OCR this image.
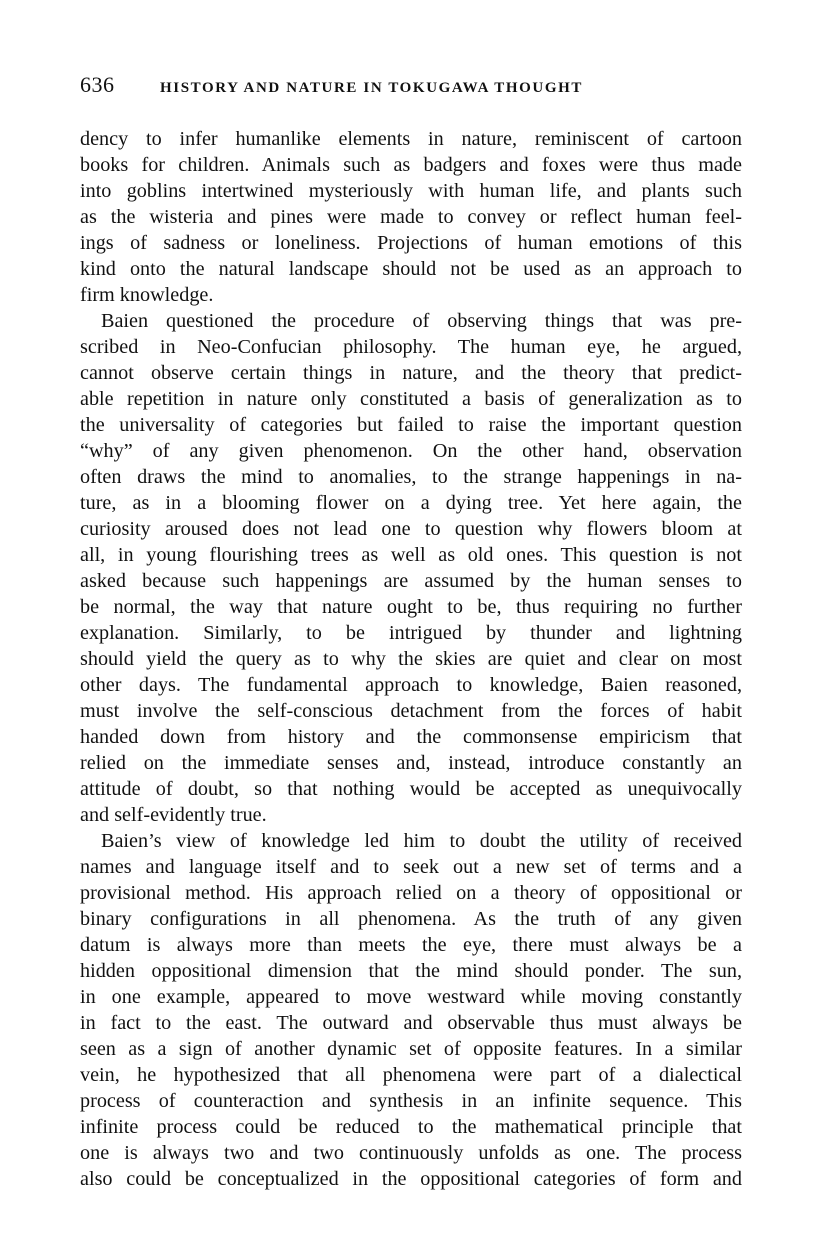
636	HISTORY AND NATURE IN TOKUGAWA THOUGHT
dency to infer humanlike elements in nature, reminiscent of cartoon
books for children. Animals such as badgers and foxes were thus made
into goblins intertwined mysteriously with human life, and plants such
as the wisteria and pines were made to convey or reflect human feel-
ings of sadness or loneliness. Projections of human emotions of this
kind onto the natural landscape should not be used as an approach to
firm knowledge.
Baien questioned the procedure of observing things that was pre-
scribed in Neo-Confucian philosophy. The human eye, he argued,
cannot observe certain things in nature, and the theory that predict-
able repetition in nature only constituted a basis of generalization as to
the universality of categories but failed to raise the important question
“why” of any given phenomenon. On the other hand, observation
often draws the mind to anomalies, to the strange happenings in na-
ture, as in a blooming flower on a dying tree. Yet here again, the
curiosity aroused does not lead one to question why flowers bloom at
all, in young flourishing trees as well as old ones. This question is not
asked because such happenings are assumed by the human senses to
be normal, the way that nature ought to be, thus requiring no further
explanation. Similarly, to be intrigued by thunder and lightning
should yield the query as to why the skies are quiet and clear on most
other days. The fundamental approach to knowledge, Baien reasoned,
must involve the self-conscious detachment from the forces of habit
handed down from history and the commonsense empiricism that
relied on the immediate senses and, instead, introduce constantly an
attitude of doubt, so that nothing would be accepted as unequivocally
and self-evidently true.
Baien’s view of knowledge led him to doubt the utility of received
names and language itself and to seek out a new set of terms and a
provisional method. His approach relied on a theory of oppositional or
binary configurations in all phenomena. As the truth of any given
datum is always more than meets the eye, there must always be a
hidden oppositional dimension that the mind should ponder. The sun,
in one example, appeared to move westward while moving constantly
in fact to the east. The outward and observable thus must always be
seen as a sign of another dynamic set of opposite features. In a similar
vein, he hypothesized that all phenomena were part of a dialectical
process of counteraction and synthesis in an infinite sequence. This
infinite process could be reduced to the mathematical principle that
one is always two and two continuously unfolds as one. The process
also could be conceptualized in the oppositional categories of form and
